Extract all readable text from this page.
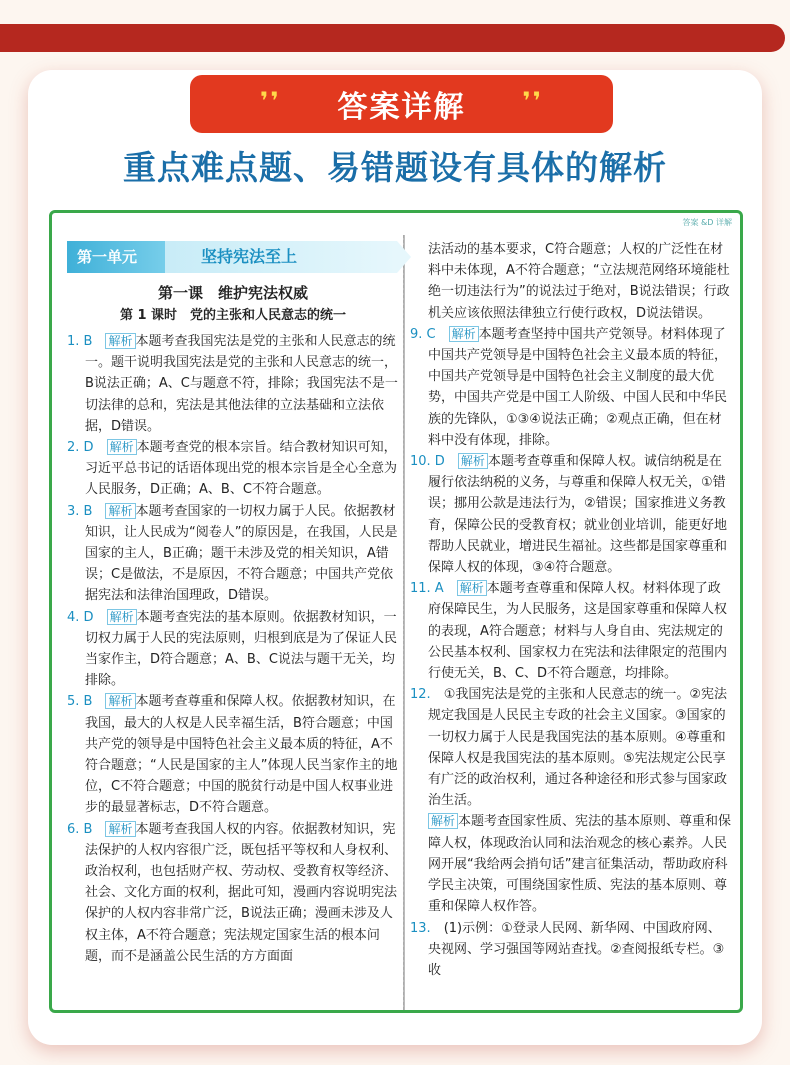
❜❜ 答案详解 ❜❜
重点难点题、易错题设有具体的解析
答案 &D 详解
第一单元	坚持宪法至上

第一课　维护宪法权威

第 1 课时　党的主张和人民意志的统一

1. B　 解析 本题考查我国宪法是党的主张和人民意志的统一。题干说明我国宪法是党的主张和人民意志的统一，B说法正确；A、C与题意不符，排除；我国宪法不是一切法律的总和，宪法是其他法律的立法基础和立法依据，D错误。

2. D　 解析 本题考查党的根本宗旨。结合教材知识可知，习近平总书记的话语体现出党的根本宗旨是全心全意为人民服务，D正确；A、B、C不符合题意。

3. B　 解析 本题考查国家的一切权力属于人民。依据教材知识，让人民成为“阅卷人”的原因是，在我国，人民是国家的主人，B正确；题干未涉及党的相关知识，A错误；C是做法，不是原因，不符合题意；中国共产党依据宪法和法律治国理政，D错误。

4. D　 解析 本题考查宪法的基本原则。依据教材知识，一切权力属于人民的宪法原则，归根到底是为了保证人民当家作主，D符合题意；A、B、C说法与题干无关，均排除。

5. B　 解析 本题考查尊重和保障人权。依据教材知识，在我国，最大的人权是人民幸福生活，B符合题意；中国共产党的领导是中国特色社会主义最本质的特征，A不符合题意；“人民是国家的主人”体现人民当家作主的地位，C不符合题意；中国的脱贫行动是中国人权事业进步的最显著标志，D不符合题意。

6. B　 解析 本题考查我国人权的内容。依据教材知识，宪法保护的人权内容很广泛，既包括平等权和人身权利、政治权利，也包括财产权、劳动权、受教育权等经济、社会、文化方面的权利，据此可知，漫画内容说明宪法保护的人权内容非常广泛，B说法正确；漫画未涉及人权主体，A不符合题意；宪法规定国家生活的根本问题，而不是涵盖公民生活的方方面面

法活动的基本要求，C符合题意；人权的广泛性在材料中未体现，A不符合题意；“立法规范网络环境能杜绝一切违法行为”的说法过于绝对，B说法错误；行政机关应该依照法律独立行使行政权，D说法错误。

9. C　 解析 本题考查坚持中国共产党领导。材料体现了中国共产党领导是中国特色社会主义最本质的特征，中国共产党领导是中国特色社会主义制度的最大优势，中国共产党是中国工人阶级、中国人民和中华民族的先锋队，①③④说法正确；②观点正确，但在材料中没有体现，排除。

10. D　 解析 本题考查尊重和保障人权。诚信纳税是在履行依法纳税的义务，与尊重和保障人权无关，①错误；挪用公款是违法行为，②错误；国家推进义务教育，保障公民的受教育权；就业创业培训，能更好地帮助人民就业，增进民生福祉。这些都是国家尊重和保障人权的体现，③④符合题意。

11. A　 解析 本题考查尊重和保障人权。材料体现了政府保障民生，为人民服务，这是国家尊重和保障人权的表现，A符合题意；材料与人身自由、宪法规定的公民基本权利、国家权力在宪法和法律限定的范围内行使无关，B、C、D不符合题意，均排除。

12.　 ①我国宪法是党的主张和人民意志的统一。②宪法规定我国是人民民主专政的社会主义国家。③国家的一切权力属于人民是我国宪法的基本原则。④尊重和保障人权是我国宪法的基本原则。⑤宪法规定公民享有广泛的政治权利，通过各种途径和形式参与国家政治生活。

解析 本题考查国家性质、宪法的基本原则、尊重和保障人权，体现政治认同和法治观念的核心素养。人民网开展“我给两会捎句话”建言征集活动，帮助政府科学民主决策，可围绕国家性质、宪法的基本原则、尊重和保障人权作答。

13.　 (1)示例：①登录人民网、新华网、中国政府网、央视网、学习强国等网站查找。②查阅报纸专栏。③收
